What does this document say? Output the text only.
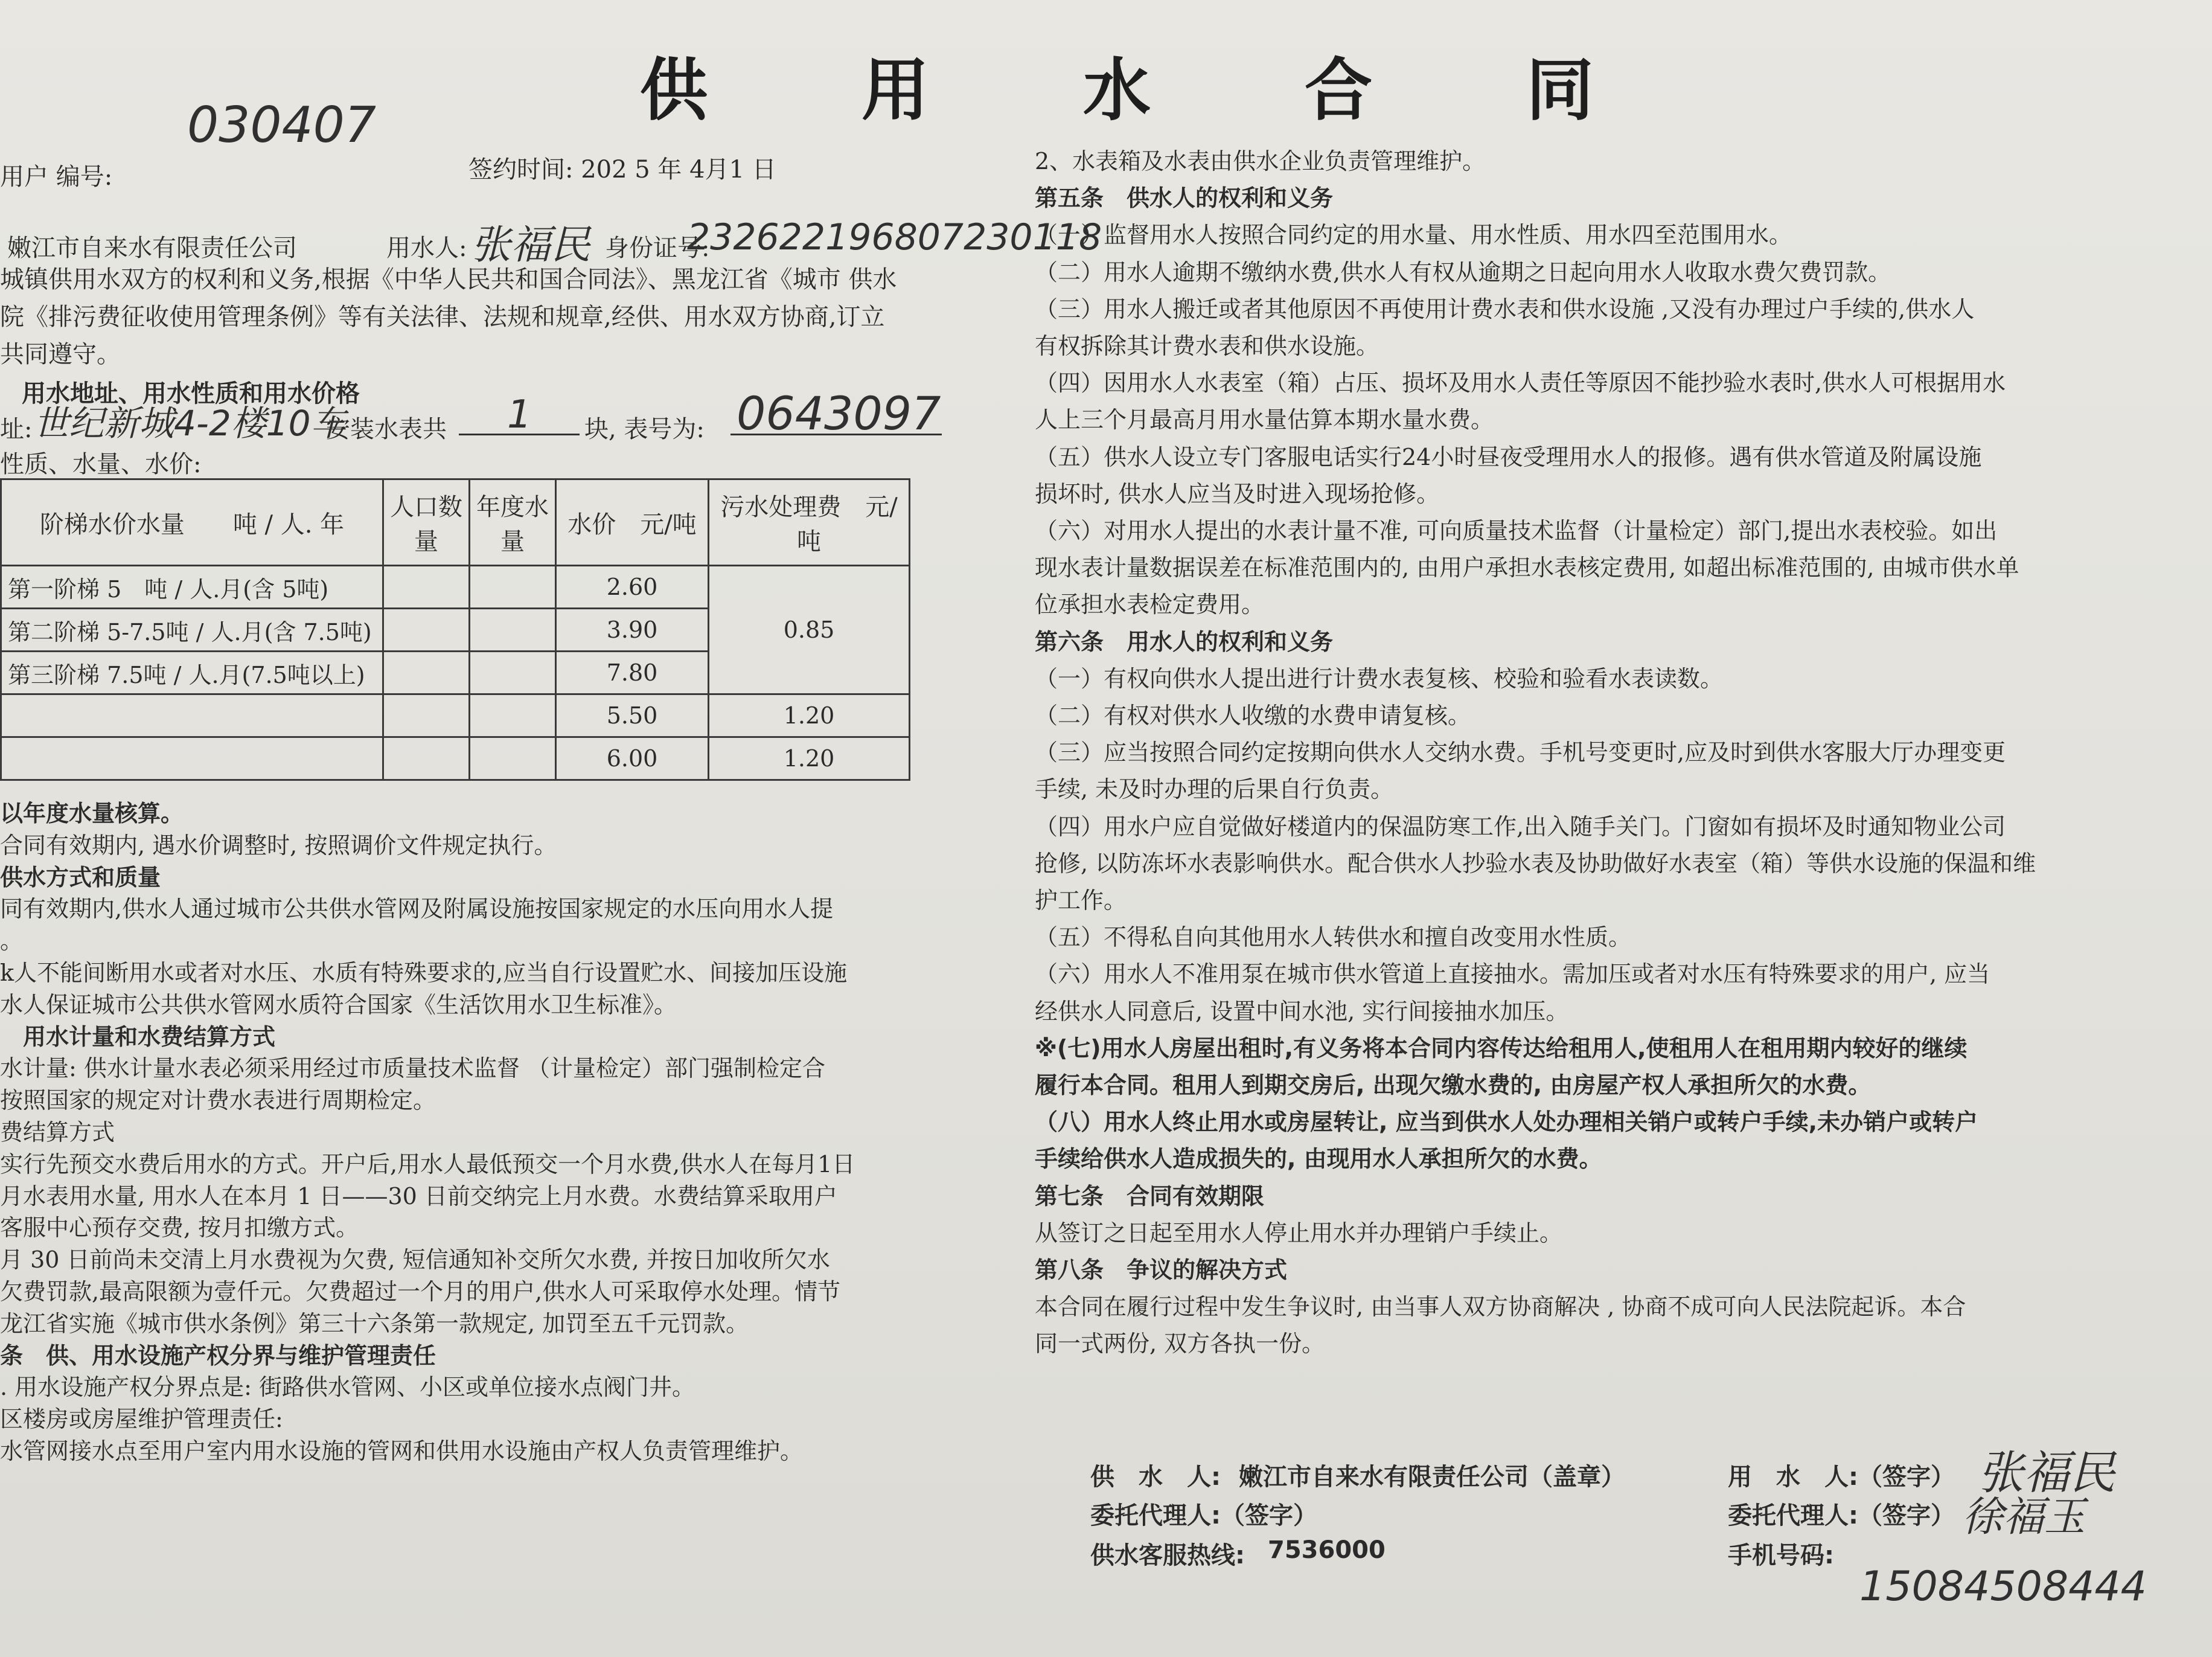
供 用 水 合 同
030407
用户 编号:	签约时间: 202 5 年 4月1 日
嫩江市自来水有限责任公司	用水人: 张福民 身份证号:
232622196807230118
城镇供用水双方的权利和义务,根据《中华人民共和国合同法》、黑龙江省《城市 供水
院《排污费征收使用管理条例》等有关法律、法规和规章,经供、用水双方协商,订立
共同遵守。
用水地址、用水性质和用水价格
址: 世纪新城4-2楼10车
安装水表共 1 块, 表号为: 0643097
性质、水量、水价:
阶梯水价水量　　吨 / 人. 年	人口数量	年度水量	水价　元/吨	污水处理费　元/吨
第一阶梯 5　吨 / 人.月(含 5吨)			2.60	0.85
第二阶梯 5-7.5吨 / 人.月(含 7.5吨)			3.90	
第三阶梯 7.5吨 / 人.月(7.5吨以上)			7.80	
			5.50	1.20
			6.00	1.20
以年度水量核算。
合同有效期内, 遇水价调整时, 按照调价文件规定执行。
供水方式和质量
同有效期内,供水人通过城市公共供水管网及附属设施按国家规定的水压向用水人提
。
k人不能间断用水或者对水压、水质有特殊要求的,应当自行设置贮水、间接加压设施
水人保证城市公共供水管网水质符合国家《生活饮用水卫生标准》。
　用水计量和水费结算方式
水计量: 供水计量水表必须采用经过市质量技术监督 （计量检定）部门强制检定合
按照国家的规定对计费水表进行周期检定。
费结算方式
实行先预交水费后用水的方式。开户后,用水人最低预交一个月水费,供水人在每月1日
月水表用水量, 用水人在本月 1 日——30 日前交纳完上月水费。水费结算采取用户
客服中心预存交费, 按月扣缴方式。
月 30 日前尚未交清上月水费视为欠费, 短信通知补交所欠水费, 并按日加收所欠水
欠费罚款,最高限额为壹仟元。欠费超过一个月的用户,供水人可采取停水处理。情节
龙江省实施《城市供水条例》第三十六条第一款规定, 加罚至五千元罚款。
条　供、用水设施产权分界与维护管理责任
. 用水设施产权分界点是: 街路供水管网、小区或单位接水点阀门井。
区楼房或房屋维护管理责任:
水管网接水点至用户室内用水设施的管网和供用水设施由产权人负责管理维护。
2、水表箱及水表由供水企业负责管理维护。
第五条　供水人的权利和义务
（一）监督用水人按照合同约定的用水量、用水性质、用水四至范围用水。
（二）用水人逾期不缴纳水费,供水人有权从逾期之日起向用水人收取水费欠费罚款。
（三）用水人搬迁或者其他原因不再使用计费水表和供水设施 ,又没有办理过户手续的,供水人
有权拆除其计费水表和供水设施。
（四）因用水人水表室（箱）占压、损坏及用水人责任等原因不能抄验水表时,供水人可根据用水
人上三个月最高月用水量估算本期水量水费。
（五）供水人设立专门客服电话实行24小时昼夜受理用水人的报修。遇有供水管道及附属设施
损坏时, 供水人应当及时进入现场抢修。
（六）对用水人提出的水表计量不准, 可向质量技术监督（计量检定）部门,提出水表校验。如出
现水表计量数据误差在标准范围内的, 由用户承担水表核定费用, 如超出标准范围的, 由城市供水单
位承担水表检定费用。
第六条　用水人的权利和义务
（一）有权向供水人提出进行计费水表复核、校验和验看水表读数。
（二）有权对供水人收缴的水费申请复核。
（三）应当按照合同约定按期向供水人交纳水费。手机号变更时,应及时到供水客服大厅办理变更
手续, 未及时办理的后果自行负责。
（四）用水户应自觉做好楼道内的保温防寒工作,出入随手关门。门窗如有损坏及时通知物业公司
抢修, 以防冻坏水表影响供水。配合供水人抄验水表及协助做好水表室（箱）等供水设施的保温和维
护工作。
（五）不得私自向其他用水人转供水和擅自改变用水性质。
（六）用水人不准用泵在城市供水管道上直接抽水。需加压或者对水压有特殊要求的用户, 应当
经供水人同意后, 设置中间水池, 实行间接抽水加压。
※(七)用水人房屋出租时,有义务将本合同内容传达给租用人,使租用人在租用期内较好的继续
履行本合同。租用人到期交房后, 出现欠缴水费的, 由房屋产权人承担所欠的水费。
（八）用水人终止用水或房屋转让, 应当到供水人处办理相关销户或转户手续,未办销户或转户
手续给供水人造成损失的, 由现用水人承担所欠的水费。
第七条　合同有效期限
从签订之日起至用水人停止用水并办理销户手续止。
第八条　争议的解决方式
本合同在履行过程中发生争议时, 由当事人双方协商解决 , 协商不成可向人民法院起诉。本合
同一式两份, 双方各执一份。
供　水　人: 嫩江市自来水有限责任公司（盖章）
委托代理人:（签字）
供水客服热线: 7536000
用　水　人:（签字） 张福民
委托代理人:（签字） 徐福玉
手机号码:
15084508444
